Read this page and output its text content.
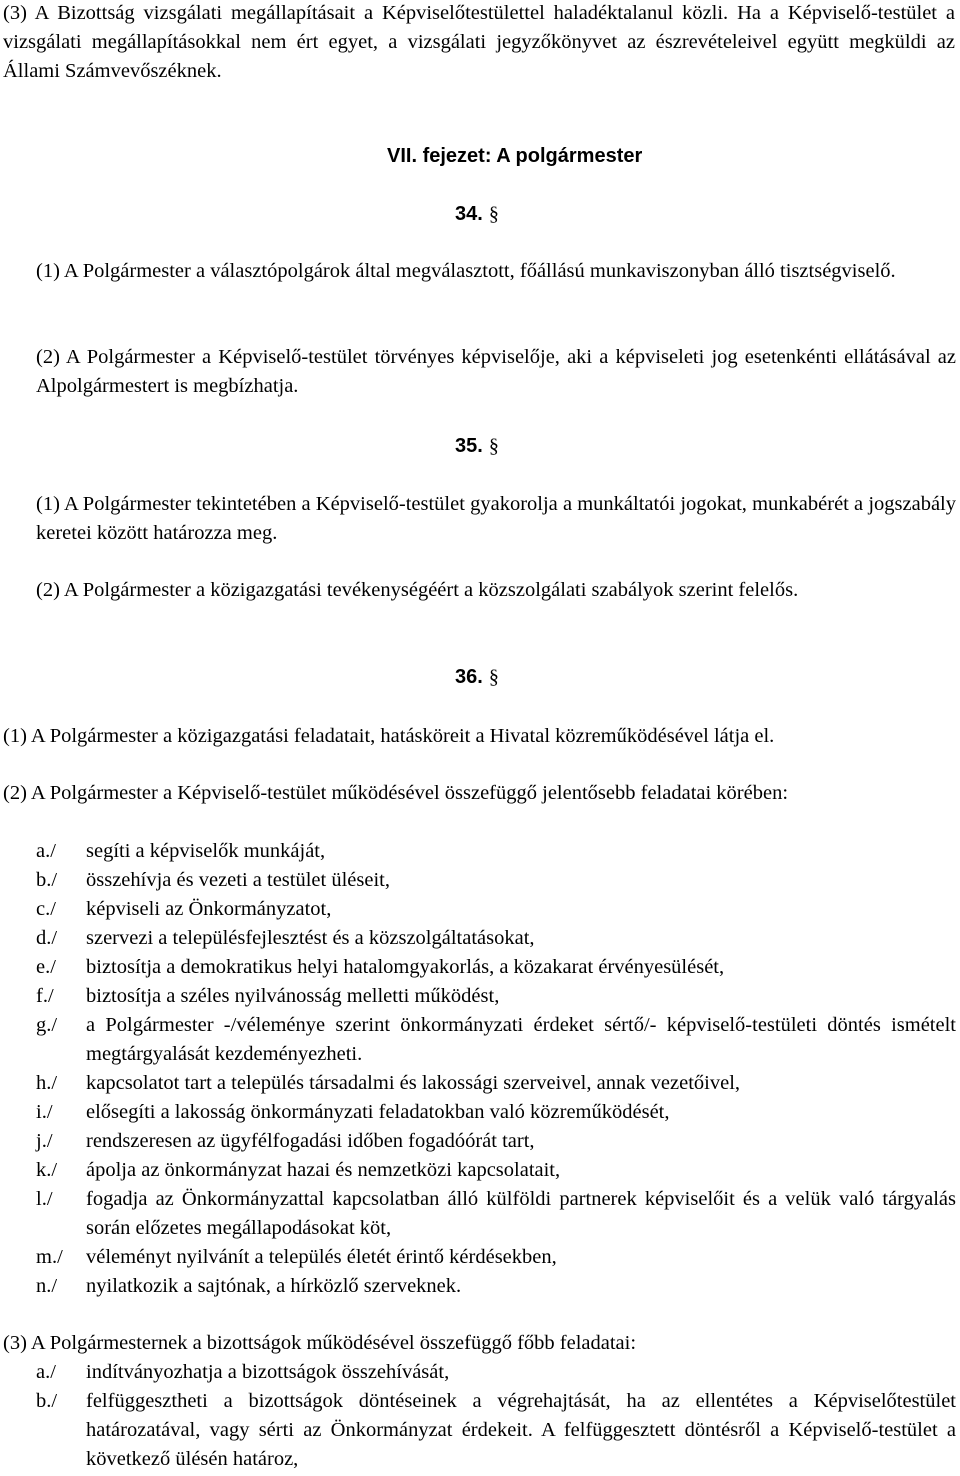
(3) A Bizottság vizsgálati megállapításait a Képviselőtestülettel haladéktalanul közli. Ha a Képviselő-testület a vizsgálati megállapításokkal nem ért egyet, a vizsgálati jegyzőkönyvet az észrevételeivel együtt megküldi az Állami Számvevőszéknek.

VII. fejezet: A polgármester
34. §

(1) A Polgármester a választópolgárok által megválasztott, főállású munkaviszonyban álló tisztségviselő.

(2) A Polgármester a Képviselő-testület törvényes képviselője, aki a képviseleti jog esetenkénti ellátásával az Alpolgármestert is megbízhatja.

35. §

(1) A Polgármester tekintetében a Képviselő-testület gyakorolja a munkáltatói jogokat, munkabérét a jogszabály keretei között határozza meg.

(2) A Polgármester a közigazgatási tevékenységéért a közszolgálati szabályok szerint felelős.

36. §

(1) A Polgármester a közigazgatási feladatait, hatásköreit a Hivatal közreműködésével látja el.

(2) A Polgármester a Képviselő-testület működésével összefüggő jelentősebb feladatai körében:

a./	segíti a képviselők munkáját,
b./	összehívja és vezeti a testület üléseit,
c./	képviseli az Önkormányzatot,
d./	szervezi a településfejlesztést és a közszolgáltatásokat,
e./	biztosítja a demokratikus helyi hatalomgyakorlás, a közakarat érvényesülését,
f./	biztosítja a széles nyilvánosság melletti működést,
g./	a Polgármester -/véleménye szerint önkormányzati érdeket sértő/- képviselő-testületi döntés ismételt megtárgyalását kezdeményezheti.
h./	kapcsolatot tart a település társadalmi és lakossági szerveivel, annak vezetőivel,
i./	elősegíti a lakosság önkormányzati feladatokban való közreműködését,
j./	rendszeresen az ügyfélfogadási időben fogadóórát tart,
k./	ápolja az önkormányzat hazai és nemzetközi kapcsolatait,
l./	fogadja az Önkormányzattal kapcsolatban álló külföldi partnerek képviselőit és a velük való tárgyalás során előzetes megállapodásokat köt,
m./	véleményt nyilvánít a település életét érintő kérdésekben,
n./	nyilatkozik a sajtónak, a hírközlő szerveknek.

(3) A Polgármesternek a bizottságok működésével összefüggő főbb feladatai:

a./	indítványozhatja a bizottságok összehívását,
b./	felfüggesztheti a bizottságok döntéseinek a végrehajtását, ha az ellentétes a Képviselőtestület határozatával, vagy sérti az Önkormányzat érdekeit. A felfüggesztett döntésről a Képviselő-testület a következő ülésén határoz,
